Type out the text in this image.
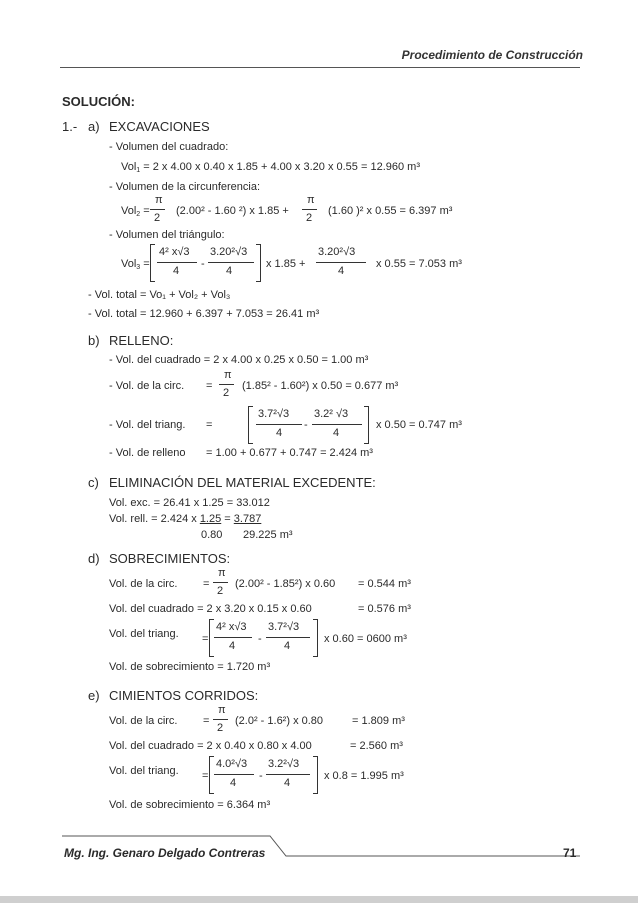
Procedimiento de Construcción
SOLUCIÓN:
1.- a) EXCAVACIONES
- Volumen del cuadrado:
Vol$_1$ = 2 x 4.00 x 0.40 x 1.85 + 4.00 x 3.20 x 0.55 = 12.960 m³
- Volumen de la circunferencia:
Vol$_2$ =
π
2
(2.00² - 1.60 ²) x 1.85 +
π
2
(1.60 )² x 0.55 = 6.397 m³
- Volumen del triángulo:
Vol$_3$ =
4² x√3
4
-
3.20²√3
4
x 1.85 +
3.20²√3
4
x 0.55 = 7.053 m³
- Vol. total = Vo₁ + Vol₂ + Vol₃
- Vol. total = 12.960 + 6.397 + 7.053 = 26.41 m³
b) RELLENO:
- Vol. del cuadrado = 2 x 4.00 x 0.25 x 0.50 = 1.00 m³
- Vol. de la circ. =
π
2
(1.85² - 1.60²) x 0.50 = 0.677 m³
- Vol. del triang. =
3.7²√3
4
-
3.2² √3
4
x 0.50 = 0.747 m³
- Vol. de relleno = 1.00 + 0.677 + 0.747 = 2.424 m³
c) ELIMINACIÓN DEL MATERIAL EXCEDENTE:
Vol. exc. = 26.41 x 1.25 = 33.012
Vol. rell. = 2.424 x 1.25 = 3.787
0.80 29.225 m³
d) SOBRECIMIENTOS:
Vol. de la circ. =
π
2
(2.00² - 1.85²) x 0.60 = 0.544 m³
Vol. del cuadrado = 2 x 3.20 x 0.15 x 0.60	= 0.576 m³
Vol. del triang. =
4² x√3
4
-
3.7²√3
4
x 0.60 = 0600 m³
Vol. de sobrecimiento = 1.720 m³
e) CIMIENTOS CORRIDOS:
Vol. de la circ. =
π
2
(2.0² - 1.6²) x 0.80	= 1.809 m³
Vol. del cuadrado = 2 x 0.40 x 0.80 x 4.00	= 2.560 m³
Vol. del triang. =
4.0²√3
4
-
3.2²√3
4
x 0.8 = 1.995 m³
Vol. de sobrecimiento = 6.364 m³
Mg. Ing. Genaro Delgado Contreras	71
